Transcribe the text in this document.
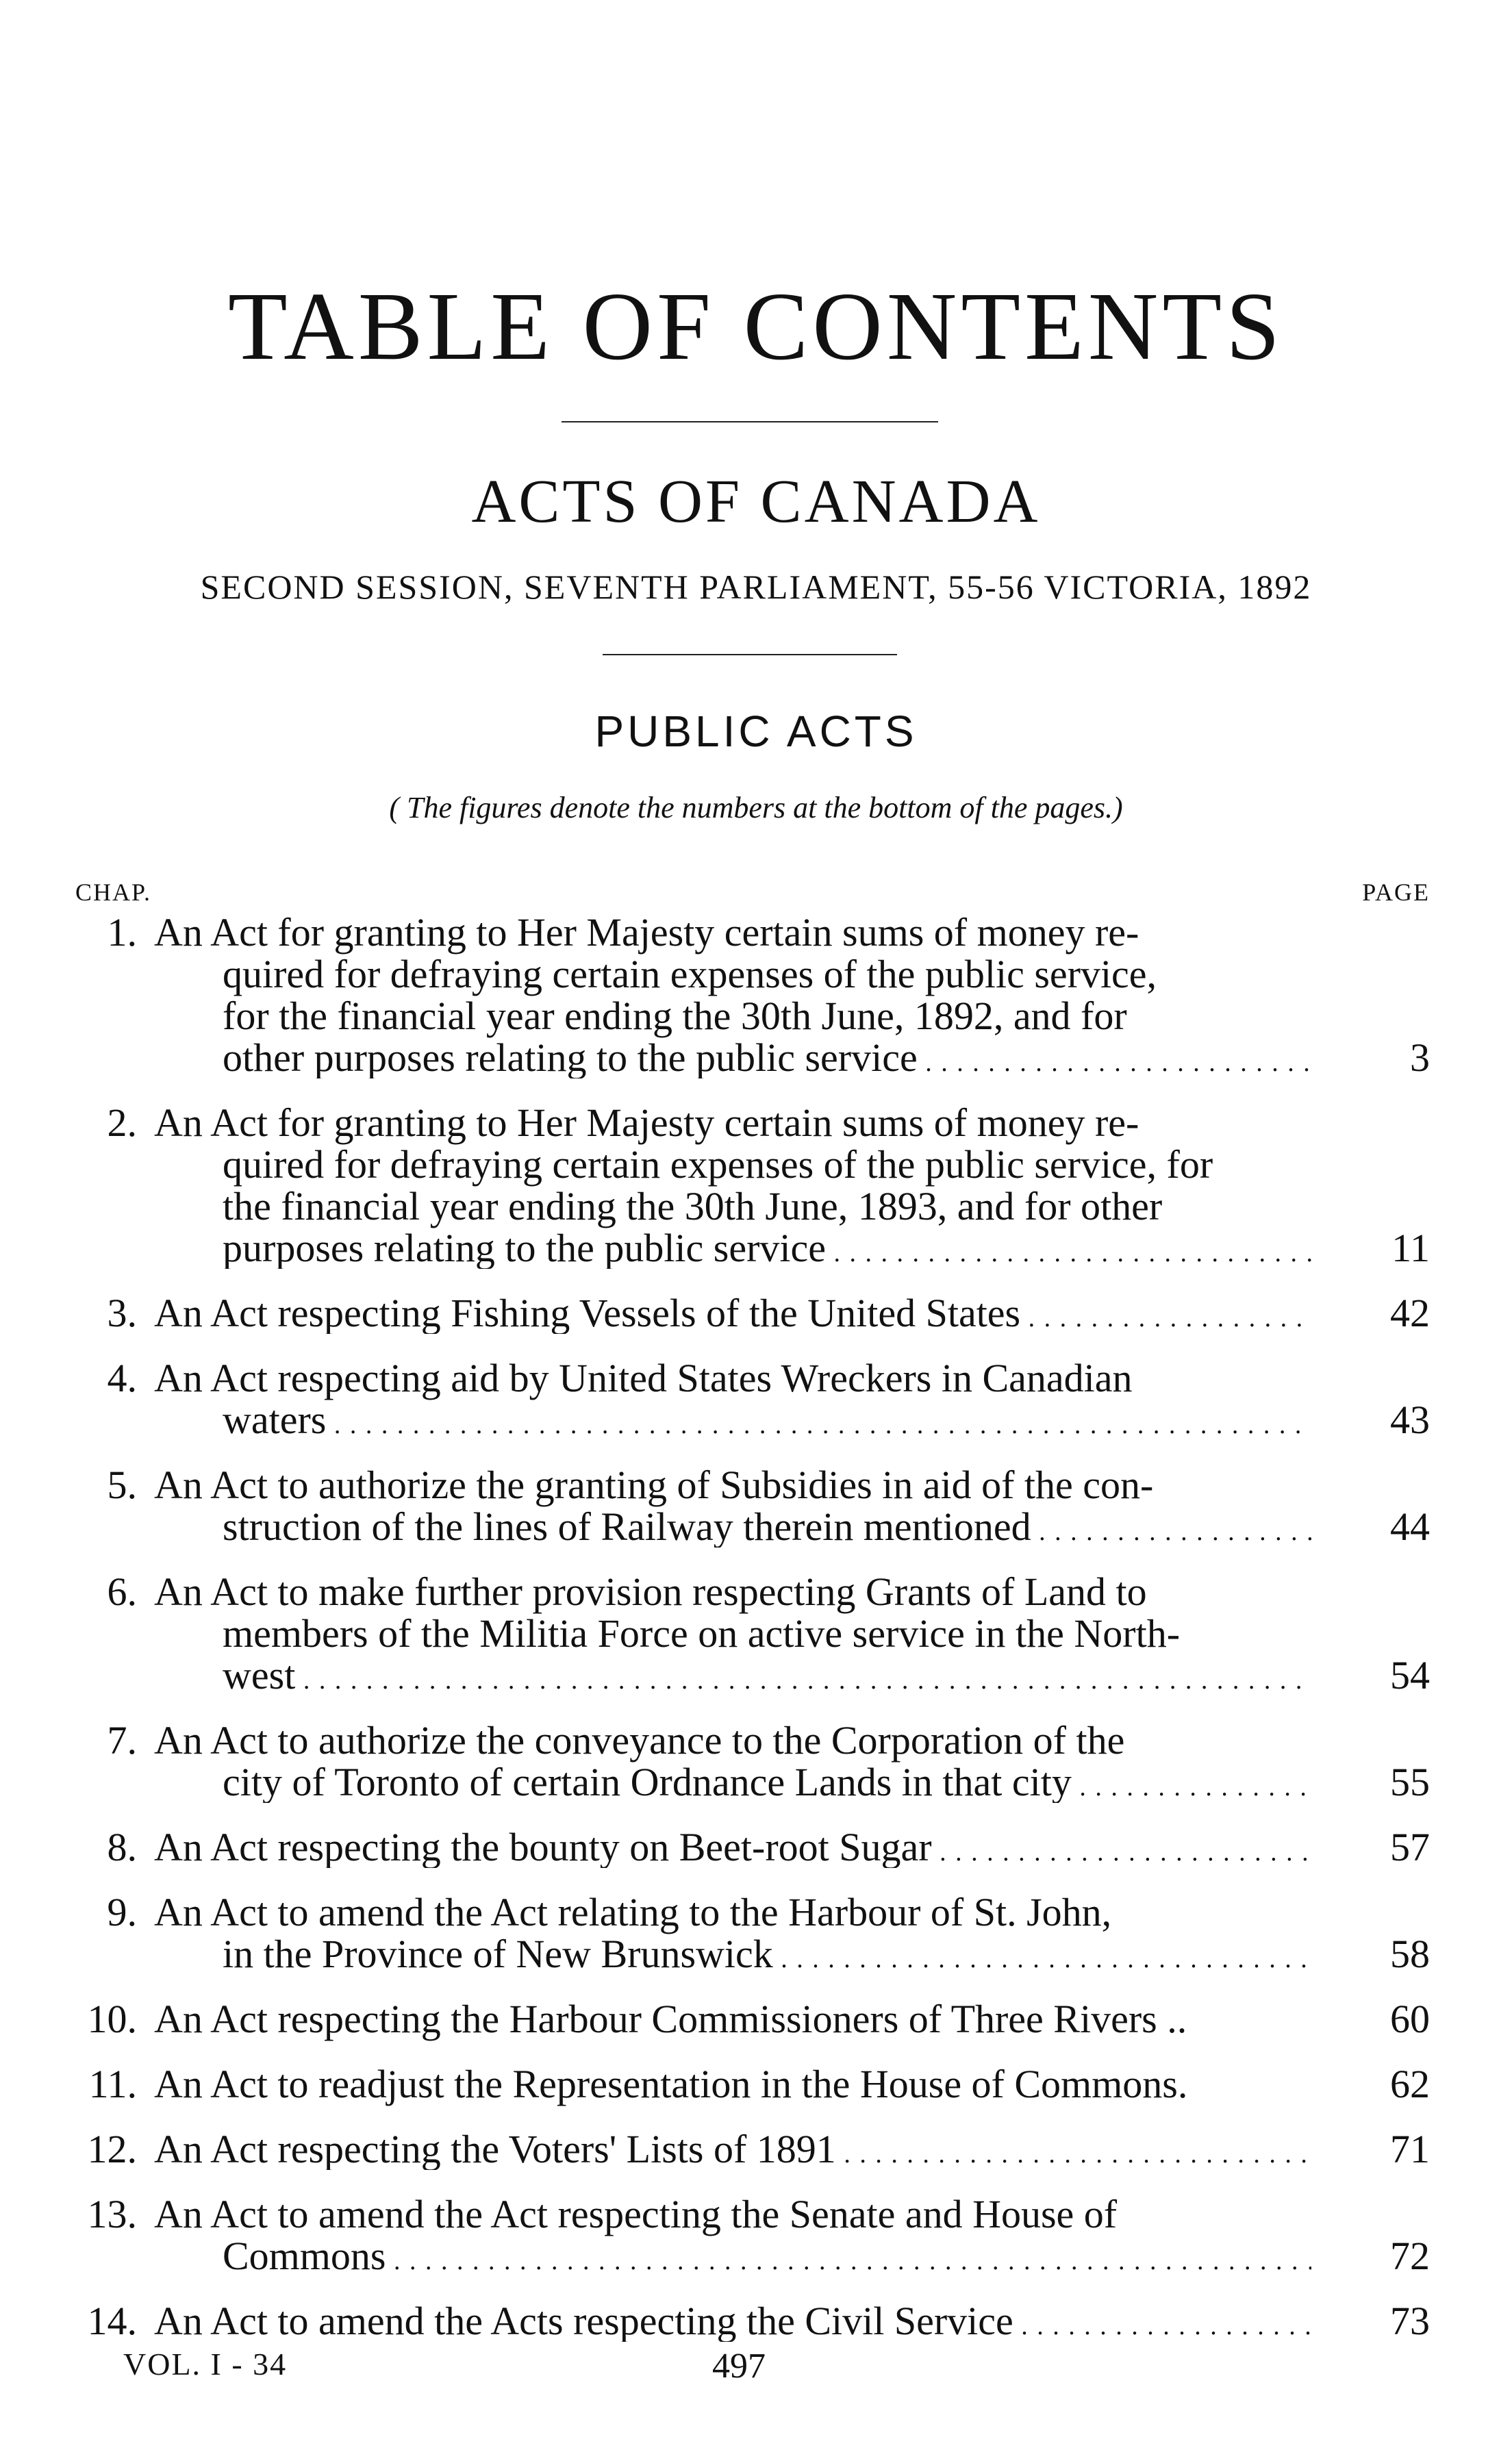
TABLE OF CONTENTS
ACTS OF CANADA
SECOND SESSION, SEVENTH PARLIAMENT, 55-56 VICTORIA, 1892
PUBLIC ACTS
( The figures denote the numbers at the bottom of the pages.)
CHAP.	PAGE
1. An Act for granting to Her Majesty certain sums of money re-
quired for defraying certain expenses of the public service,
for the financial year ending the 30th June, 1892, and for
other purposes relating to the public service . . .	3
2. An Act for granting to Her Majesty certain sums of money re-
quired for defraying certain expenses of the public service, for
the financial year ending the 30th June, 1893, and for other
purposes relating to the public service . . .	11
3. An Act respecting Fishing Vessels of the United States . . .	42
4. An Act respecting aid by United States Wreckers in Canadian
waters . . .	43
5. An Act to authorize the granting of Subsidies in aid of the con-
struction of the lines of Railway therein mentioned . . .	44
6. An Act to make further provision respecting Grants of Land to
members of the Militia Force on active service in the North-
west . . .	54
7. An Act to authorize the conveyance to the Corporation of the
city of Toronto of certain Ordnance Lands in that city . . .	55
8. An Act respecting the bounty on Beet-root Sugar . . .	57
9. An Act to amend the Act relating to the Harbour of St. John,
in the Province of New Brunswick . . .	58
10. An Act respecting the Harbour Commissioners of Three Rivers ..	60
11. An Act to readjust the Representation in the House of Commons.	62
12. An Act respecting the Voters' Lists of 1891 . . .	71
13. An Act to amend the Act respecting the Senate and House of
Commons . . .	72
14. An Act to amend the Acts respecting the Civil Service . . .	73
VOL. I - 34	497
